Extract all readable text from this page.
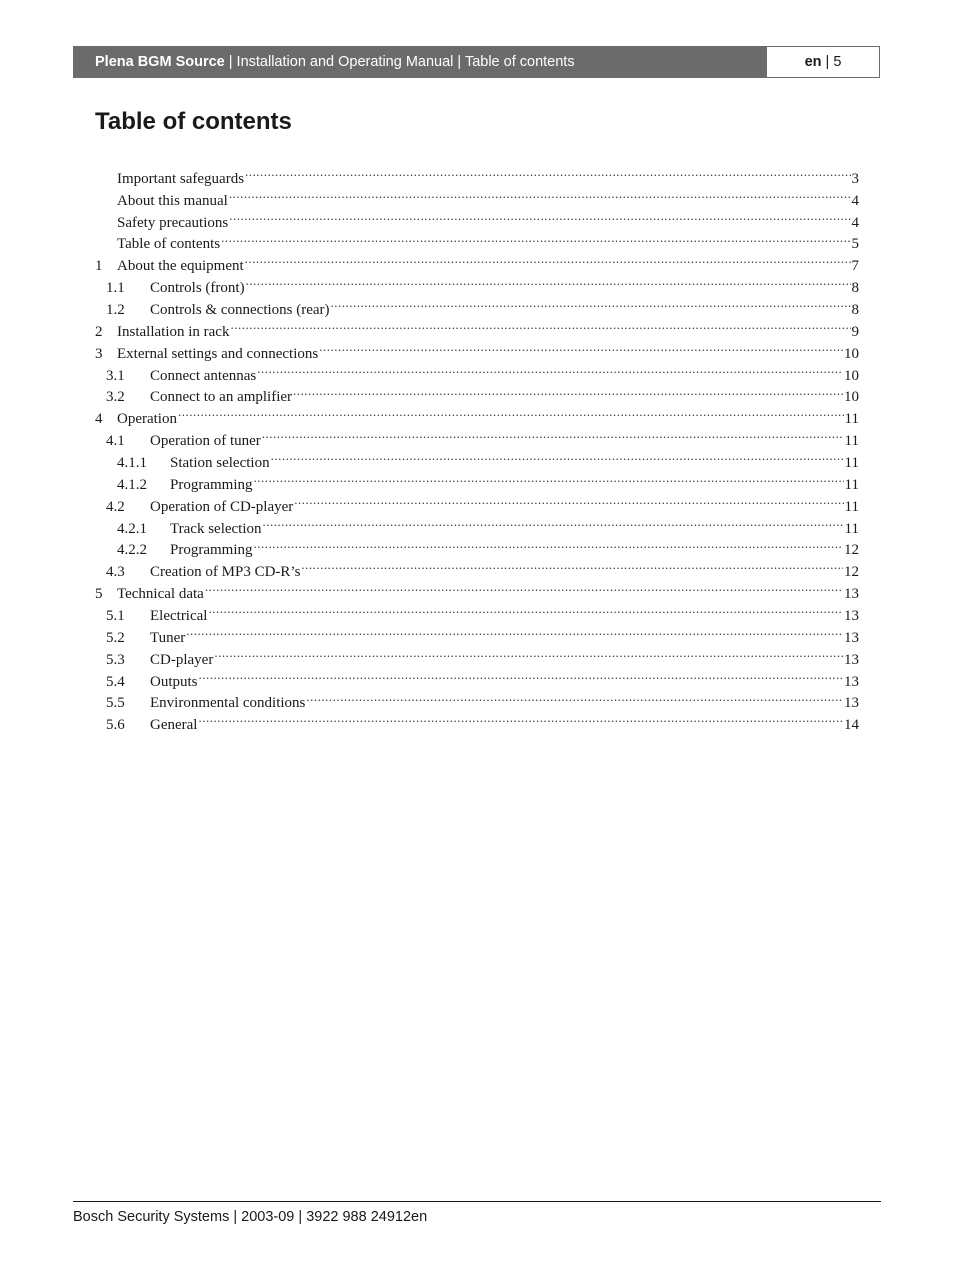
Plena BGM Source | Installation and Operating Manual | Table of contents	en | 5
Table of contents
Important safeguards .....	3
About this manual .....	4
Safety precautions .....	4
Table of contents .....	5
1 About the equipment .....	7
1.1	Controls (front) .....	8
1.2	Controls & connections (rear) .....	8
2 Installation in rack .....	9
3 External settings and connections .....	10
3.1	Connect antennas .....	10
3.2	Connect to an amplifier .....	10
4 Operation .....	11
4.1	Operation of tuner .....	11
4.1.1	Station selection .....	11
4.1.2	Programming .....	11
4.2	Operation of CD-player .....	11
4.2.1	Track selection .....	11
4.2.2	Programming .....	12
4.3	Creation of MP3 CD-R’s .....	12
5 Technical data .....	13
5.1	Electrical .....	13
5.2	Tuner .....	13
5.3	CD-player .....	13
5.4	Outputs .....	13
5.5	Environmental conditions .....	13
5.6	General .....	14
Bosch Security Systems | 2003-09 | 3922 988 24912en
